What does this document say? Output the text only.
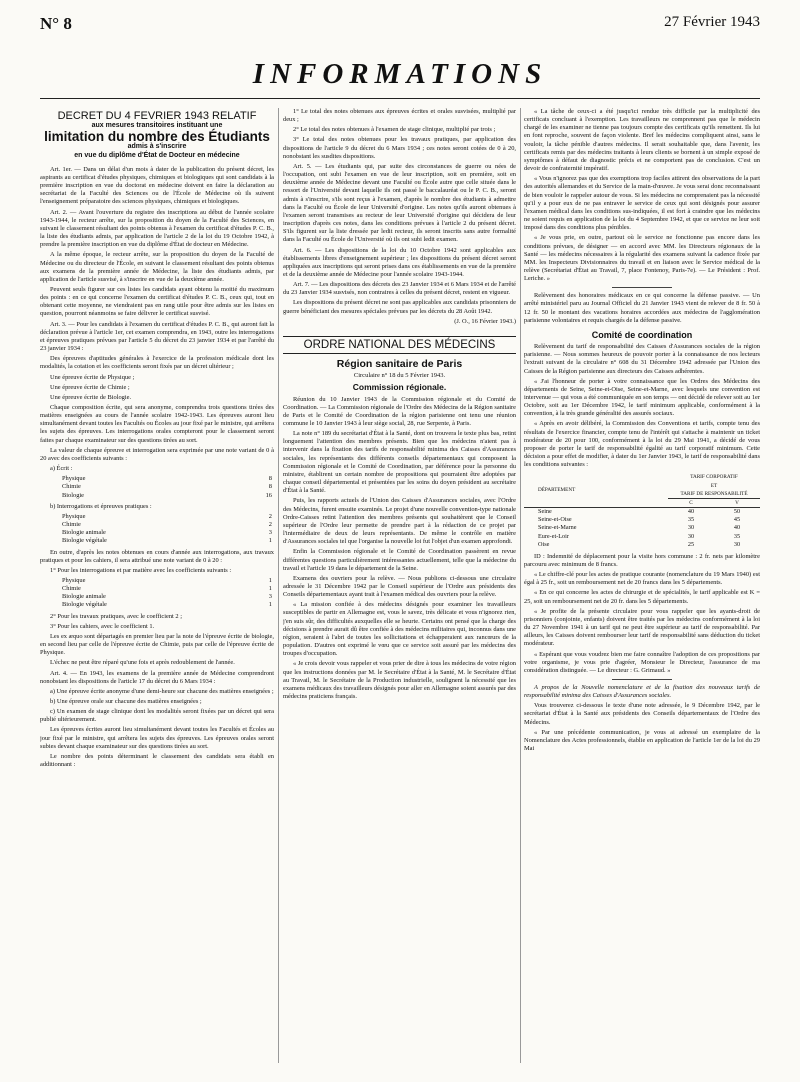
N° 8	27 Février 1943
INFORMATIONS
DECRET DU 4 FEVRIER 1943 RELATIF
aux mesures transitoires instituant une
limitation du nombre des Étudiants
admis à s'inscrire
en vue du diplôme d'État de Docteur en médecine

Art. 1er. — Dans un délai d'un mois à dater de la publication du présent décret, les aspirants au certificat d'études physiques, chimiques et biologiques qui sont candidats à la première inscription en vue du doctorat en médecine doivent en faire la déclaration au secrétariat de la Faculté des Sciences ou de l'École de Médecine où ils suivent l'enseignement préparatoire des sciences physiques, chimiques et biologiques.

Art. 2. — Avant l'ouverture du registre des inscriptions au début de l'année scolaire 1943-1944, le recteur arrête, sur la proposition du doyen de la Faculté des Sciences, en suivant le classement résultant des points obtenus à l'examen du certificat d'études P. C. B., la liste des étudiants admis, par application de l'article 2 de la loi du 19 Octobre 1942, à prendre la première inscription en vue du diplôme d'État de docteur en Médecine.

A la même époque, le recteur arrête, sur la proposition du doyen de la Faculté de Médecine ou du directeur de l'École, en suivant le classement résultant des points obtenus aux examens de la première année de Médecine, la liste des étudiants admis, par application de l'article susvisé, à s'inscrire en vue de la deuxième année.

Peuvent seuls figurer sur ces listes les candidats ayant obtenu la moitié du maximum des points : en ce qui concerne l'examen du certificat d'études P. C. B., ceux qui, tout en obtenant cette moyenne, ne viendraient pas en rang utile pour être admis sur les listes en question, pourront néanmoins se faire délivrer le certificat susvisé.

Art. 3. — Pour les candidats à l'examen du certificat d'études P. C. B., qui auront fait la déclaration prévue à l'article 1er, cet examen comprendra, en 1943, outre les interrogations et épreuves pratiques prévues par l'article 5 du décret du 23 janvier 1934 et par l'arrêté du 23 janvier 1934 :

Des épreuves d'aptitudes générales à l'exercice de la profession médicale dont les modalités, la cotation et les coefficients seront fixés par un décret ultérieur ;

Une épreuve écrite de Physique ;

Une épreuve écrite de Chimie ;

Une épreuve écrite de Biologie.

Chaque composition écrite, qui sera anonyme, comprendra trois questions tirées des matières enseignées au cours de l'année scolaire 1942-1943. Les épreuves auront lieu simultanément devant toutes les Facultés ou Écoles au jour fixé par le ministre, qui arrêtera les sujets des épreuves. Les interrogations orales compteront pour le classement seront faites par chaque examinateur sur des questions tirées au sort.

La valeur de chaque épreuve et interrogation sera exprimée par une note variant de 0 à 20 avec des coefficients suivants :

a) Écrit :

Physique	8
Chimie	8
Biologie	16

b) Interrogations et épreuves pratiques :

Physique	2
Chimie	2
Biologie animale	3
Biologie végétale	1

En outre, d'après les notes obtenues en cours d'année aux interrogations, aux travaux pratiques et pour les cahiers, il sera attribué une note variant de 0 à 20 :

1° Pour les interrogations et par matière avec les coefficients suivants :

Physique	1
Chimie	1
Biologie animale	3
Biologie végétale	1

2° Pour les travaux pratiques, avec le coefficient 2 ;

3° Pour les cahiers, avec le coefficient 1.

Les ex æquo sont départagés en premier lieu par la note de l'épreuve écrite de biologie, en second lieu par celle de l'épreuve écrite de Chimie, puis par celle de l'épreuve écrite de Physique.

L'échec ne peut être réparé qu'une fois et après redoublement de l'année.

Art. 4. — En 1943, les examens de la première année de Médecine comprendront nonobstant les dispositions de l'article 17 du décret du 6 Mars 1934 :

a) Une épreuve écrite anonyme d'une demi-heure sur chacune des matières enseignées ;

b) Une épreuve orale sur chacune des matières enseignées ;

c) Un examen de stage clinique dont les modalités seront fixées par un décret qui sera publié ultérieurement.

Les épreuves écrites auront lieu simultanément devant toutes les Facultés et Écoles au jour fixé par le ministre, qui arrêtera les sujets des épreuves. Les épreuves orales seront subies devant chaque examinateur sur des questions tirées au sort.

Le nombre des points déterminant le classement des candidats sera établi en additionnant :

1° Le total des notes obtenues aux épreuves écrites et orales susvisées, multiplié par deux ;

2° Le total des notes obtenues à l'examen de stage clinique, multiplié par trois ;

3° Le total des notes obtenues pour les travaux pratiques, par application des dispositions de l'article 9 du décret du 6 Mars 1934 ; ces notes seront cotées de 0 à 20, nonobstant les susdites dispositions.

Art. 5. — Les étudiants qui, par suite des circonstances de guerre ou nées de l'occupation, ont subi l'examen en vue de leur inscription, soit en première, soit en deuxième année de Médecine devant une Faculté ou École autre que celle située dans le ressort de l'Université devant laquelle ils ont passé le baccalauréat ou le P. C. B., seront admis à s'inscrire, s'ils sont reçus à l'examen, d'après le nombre des étudiants à admettre dans la Faculté ou École de leur Université d'origine. Les notes qu'ils auront obtenues à l'examen seront transmises au recteur de leur Université d'origine qui décidera de leur inscription d'après ces notes, dans les conditions prévues à l'article 2 du présent décret. S'ils figurent sur la liste dressée par ledit recteur, ils seront inscrits sans autre formalité dans la Faculté ou École de l'Université où ils ont subi ledit examen.

Art. 6. — Les dispositions de la loi du 10 Octobre 1942 sont applicables aux établissements libres d'enseignement supérieur ; les dispositions du présent décret seront appliquées aux inscriptions qui seront prises dans ces établissements en vue de la première et de la deuxième année de Médecine pour l'année scolaire 1943-1944.

Art. 7. — Les dispositions des décrets des 23 Janvier 1934 et 6 Mars 1934 et de l'arrêté du 23 Janvier 1934 susvisés, non contraires à celles du présent décret, restent en vigueur.

Les dispositions du présent décret ne sont pas applicables aux candidats prisonniers de guerre bénéficiant des mesures spéciales prévues par les décrets du 28 Août 1942.

(J. O., 16 Février 1943.)

ORDRE NATIONAL DES MÉDECINS
Région sanitaire de Paris
Circulaire n° 18 du 5 Février 1943.
Commission régionale.

Réunion du 10 Janvier 1943 de la Commission régionale et du Comité de Coordination. — La Commission régionale de l'Ordre des Médecins de la Région sanitaire de Paris et le Comité de Coordination de la région parisienne ont tenu une réunion commune le 10 Janvier 1943 à leur siège social, 28, rue Serpente, à Paris.

La note n° 189 du secrétariat d'État à la Santé, dont on trouvera le texte plus bas, retint longuement l'attention des membres présents. Bien que les médecins n'aient pas à intervenir dans la fixation des tarifs de responsabilité minima des Caisses d'Assurances sociales, les représentants des différents conseils départementaux qui composent la Commission régionale et le Comité de Coordination, par déférence pour la personne du ministre, établirent un certain nombre de propositions qui pourraient être adoptées par chaque conseil départemental et présentées par les soins du doyen président au secrétaire d'État à la Santé.

Puis, les rapports actuels de l'Union des Caisses d'Assurances sociales, avec l'Ordre des Médecins, furent ensuite examinés. Le projet d'une nouvelle convention-type nationale Ordre-Caisses retint l'attention des membres présents qui souhaitèrent que le Conseil supérieur de l'Ordre leur permette de prendre part à la rédaction de ce projet par l'intermédiaire de deux de leurs représentants. De même le contrôle en matière d'Assurances sociales tel que l'organise la nouvelle loi fut l'objet d'un examen approfondi.

Enfin la Commission régionale et le Comité de Coordination passèrent en revue différentes questions particulièrement intéressantes actuellement, telle que la médecine du travail et l'article 19 dans le département de la Seine.

Examens des ouvriers pour la relève. — Nous publions ci-dessous une circulaire adressée le 31 Décembre 1942 par le Conseil supérieur de l'Ordre aux présidents des Conseils départementaux ayant trait à l'examen médical des ouvriers pour la relève.

« La mission confiée à des médecins désignés pour examiner les travailleurs susceptibles de partir en Allemagne est, vous le savez, très délicate et vous n'ignorez rien, j'en suis sûr, des difficultés auxquelles elle se heurte. Certains ont pensé que la charge des décisions à prendre aurait dû être confiée à des médecins militaires qui, inconnus dans une région, seraient à l'abri de toutes les sollicitations et échapperaient aux rancœurs de la population. D'autres ont exprimé le vœu que ce service soit assuré par les médecins des troupes d'occupation.

« Je crois devoir vous rappeler et vous prier de dire à tous les médecins de votre région que les instructions données par M. le Secrétaire d'État à la Santé, M. le Secrétaire d'État au Travail, M. le Secrétaire de la Production industrielle, soulignent la nécessité que les examens médicaux des travailleurs désignés pour aller en Allemagne soient assurés par des médecins praticiens français.

« La tâche de ceux-ci a été jusqu'ici rendue très difficile par la multiplicité des certificats concluant à l'exemption. Les travailleurs ne comprennent pas que le médecin chargé de les examiner ne tienne pas toujours compte des certificats qu'ils remettent. Ils lui en font reproche, souvent de façon violente. Bref les médecins compliquent ainsi, sans le vouloir, la tâche pénible d'autres médecins. Il serait souhaitable que, dans l'avenir, les certificats remis par des médecins traitants à leurs clients se bornent à un simple exposé de symptômes à défaut de diagnostic précis et ne comportent pas de conclusion. C'est un devoir de confraternité impératif.

« Vous n'ignorez pas que des exemptions trop faciles attirent des observations de la part des autorités allemandes et du Service de la main-d'œuvre. Je vous serai donc reconnaissant de bien vouloir le rappeler autour de vous. Si les médecins ne comprenaient pas la nécessité qu'il y a pour eux de ne pas entraver le service de ceux qui sont désignés pour assurer l'examen médical dans les conditions sus-indiquées, il est fort à craindre que les médecins ne soient requis en application de la loi du 4 Septembre 1942, et que ce service ne leur soit imposé dans des conditions plus pénibles.

« Je vous prie, en outre, partout où le service ne fonctionne pas encore dans les conditions prévues, de désigner — en accord avec MM. les Directeurs régionaux de la Santé — les médecins nécessaires à la régularité des examens suivant la cadence fixée par MM. les Inspecteurs Divisionnaires du travail et en liaison avec le Service médical de la relève (Secrétariat d'État au Travail, 7, place Fontenoy, Paris-7e). — Le Président : Prof. Leriche. »

Relèvement des honoraires médicaux en ce qui concerne la défense passive. — Un arrêté ministériel paru au Journal Officiel du 21 Janvier 1943 vient de relever de 8 fr. 50 à 12 fr. 50 le montant des vacations horaires accordées aux médecins de l'agglomération parisienne volontaires et requis chargés de la défense passive.

Comité de coordination

Relèvement du tarif de responsabilité des Caisses d'Assurances sociales de la région parisienne. — Nous sommes heureux de pouvoir porter à la connaissance de nos lecteurs l'extrait suivant de la circulaire n° 608 du 31 Décembre 1942 adressée par l'Union des Caisses de la Région parisienne aux directeurs des Caisses adhérentes.

« J'ai l'honneur de porter à votre connaissance que les Ordres des Médecins des départements de Seine, Seine-et-Oise, Seine-et-Marne, avec lesquels une convention est intervenue — qui vous a été communiquée en son temps — ont décidé de relever soit au 1er Octobre, soit au 1er Décembre 1942, le tarif minimum applicable, conformément à la convention, à la très grande généralité des assurés sociaux.

« Après en avoir délibéré, la Commission des Conventions et tarifs, compte tenu des résultats de l'exercice financier, compte tenu de l'intérêt qui s'attache à maintenir un ticket modérateur de 20 pour 100, conformément à la loi du 29 Mai 1941, a décidé de vous proposer de porter le tarif de responsabilité égalité au tarif corporatif minimum. Cette décision a pour effet de modifier, à dater du 1er Janvier 1943, le tarif de responsabilité dans les conditions suivantes :

DÉPARTEMENT	TARIF CORPORATIF
ET
TARIF DE RESPONSABILITÉ	
	C	V
Seine	40	50
Seine-et-Oise	35	45
Seine-et-Marne	30	40
Eure-et-Loir	30	35
Oise	25	30

ID : Indemnité de déplacement pour la visite hors commune : 2 fr. nets par kilomètre parcouru avec minimum de 8 francs.

« Le chiffre-clé pour les actes de pratique courante (nomenclature du 19 Mars 1940) est égal à 25 fr., soit un remboursement net de 20 francs dans les 5 départements.

« En ce qui concerne les actes de chirurgie et de spécialités, le tarif applicable est K = 25, soit un remboursement net de 20 fr. dans les 5 départements.

« Je profite de la présente circulaire pour vous rappeler que les ayants-droit de prisonniers (conjointe, enfants) doivent être traités par les médecins conformément à la loi du 27 Novembre 1941 à un tarif qui ne peut être supérieur au tarif de responsabilité. Par ailleurs, les Caisses doivent rembourser leur tarif de responsabilité sans déduction du ticket modérateur.

« Espérant que vous voudrez bien me faire connaître l'adoption de ces propositions par votre organisme, je vous prie d'agréer, Monsieur le Directeur, l'assurance de ma considération distinguée. — Le directeur : G. Grimaud. »

A propos de la Nouvelle nomenclature et de la fixation des nouveaux tarifs de responsabilité minima des Caisses d'Assurances sociales.

Vous trouverez ci-dessous le texte d'une note adressée, le 9 Décembre 1942, par le secrétariat d'État à la Santé aux présidents des Conseils départementaux de l'Ordre des Médecins.

« Par une précédente communication, je vous ai adressé un exemplaire de la Nomenclature des Actes professionnels, établie en application de l'article 1er de la loi du 29 Mai
